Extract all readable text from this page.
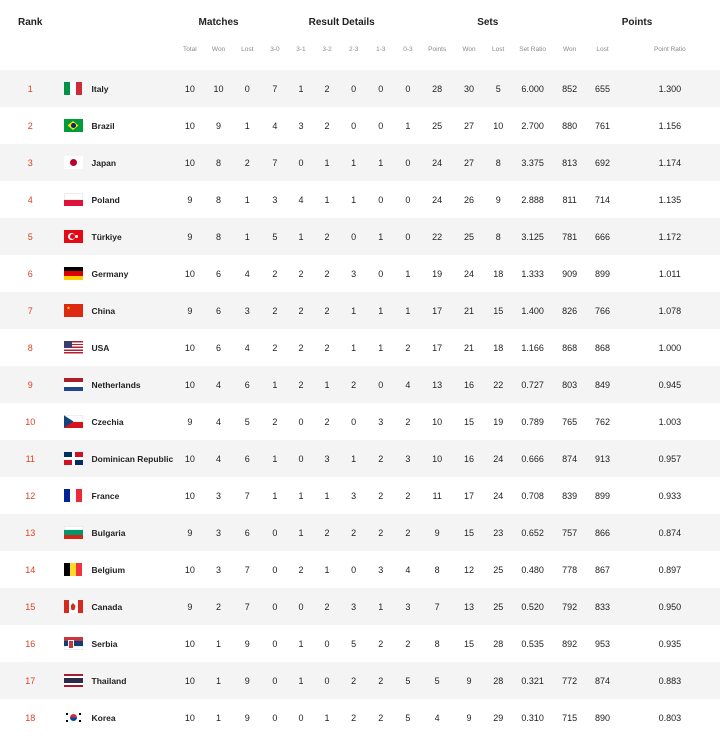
Rank		Matches			Result Details						Sets				Points		
		Total	Won	Lost	3-0	3-1	3-2	2-3	1-3	0-3	Points	Won	Lost	Set Ratio	Won	Lost	Point Ratio
1	Italy	10	10	0	7	1	2	0	0	0	28	30	5	6.000	852	655	1.300
2	Brazil	10	9	1	4	3	2	0	0	1	25	27	10	2.700	880	761	1.156
3	Japan	10	8	2	7	0	1	1	1	0	24	27	8	3.375	813	692	1.174
4	Poland	9	8	1	3	4	1	1	0	0	24	26	9	2.888	811	714	1.135
5	Türkiye	9	8	1	5	1	2	0	1	0	22	25	8	3.125	781	666	1.172
6	Germany	10	6	4	2	2	2	3	0	1	19	24	18	1.333	909	899	1.011
7	China	9	6	3	2	2	2	1	1	1	17	21	15	1.400	826	766	1.078
8	USA	10	6	4	2	2	2	1	1	2	17	21	18	1.166	868	868	1.000
9	Netherlands	10	4	6	1	2	1	2	0	4	13	16	22	0.727	803	849	0.945
10	Czechia	9	4	5	2	0	2	0	3	2	10	15	19	0.789	765	762	1.003
11	Dominican Republic	10	4	6	1	0	3	1	2	3	10	16	24	0.666	874	913	0.957
12	France	10	3	7	1	1	1	3	2	2	11	17	24	0.708	839	899	0.933
13	Bulgaria	9	3	6	0	1	2	2	2	2	9	15	23	0.652	757	866	0.874
14	Belgium	10	3	7	0	2	1	0	3	4	8	12	25	0.480	778	867	0.897
15	Canada	9	2	7	0	0	2	3	1	3	7	13	25	0.520	792	833	0.950
16	Serbia	10	1	9	0	1	0	5	2	2	8	15	28	0.535	892	953	0.935
17	Thailand	10	1	9	0	1	0	2	2	5	5	9	28	0.321	772	874	0.883
18	Korea	10	1	9	0	0	1	2	2	5	4	9	29	0.310	715	890	0.803
